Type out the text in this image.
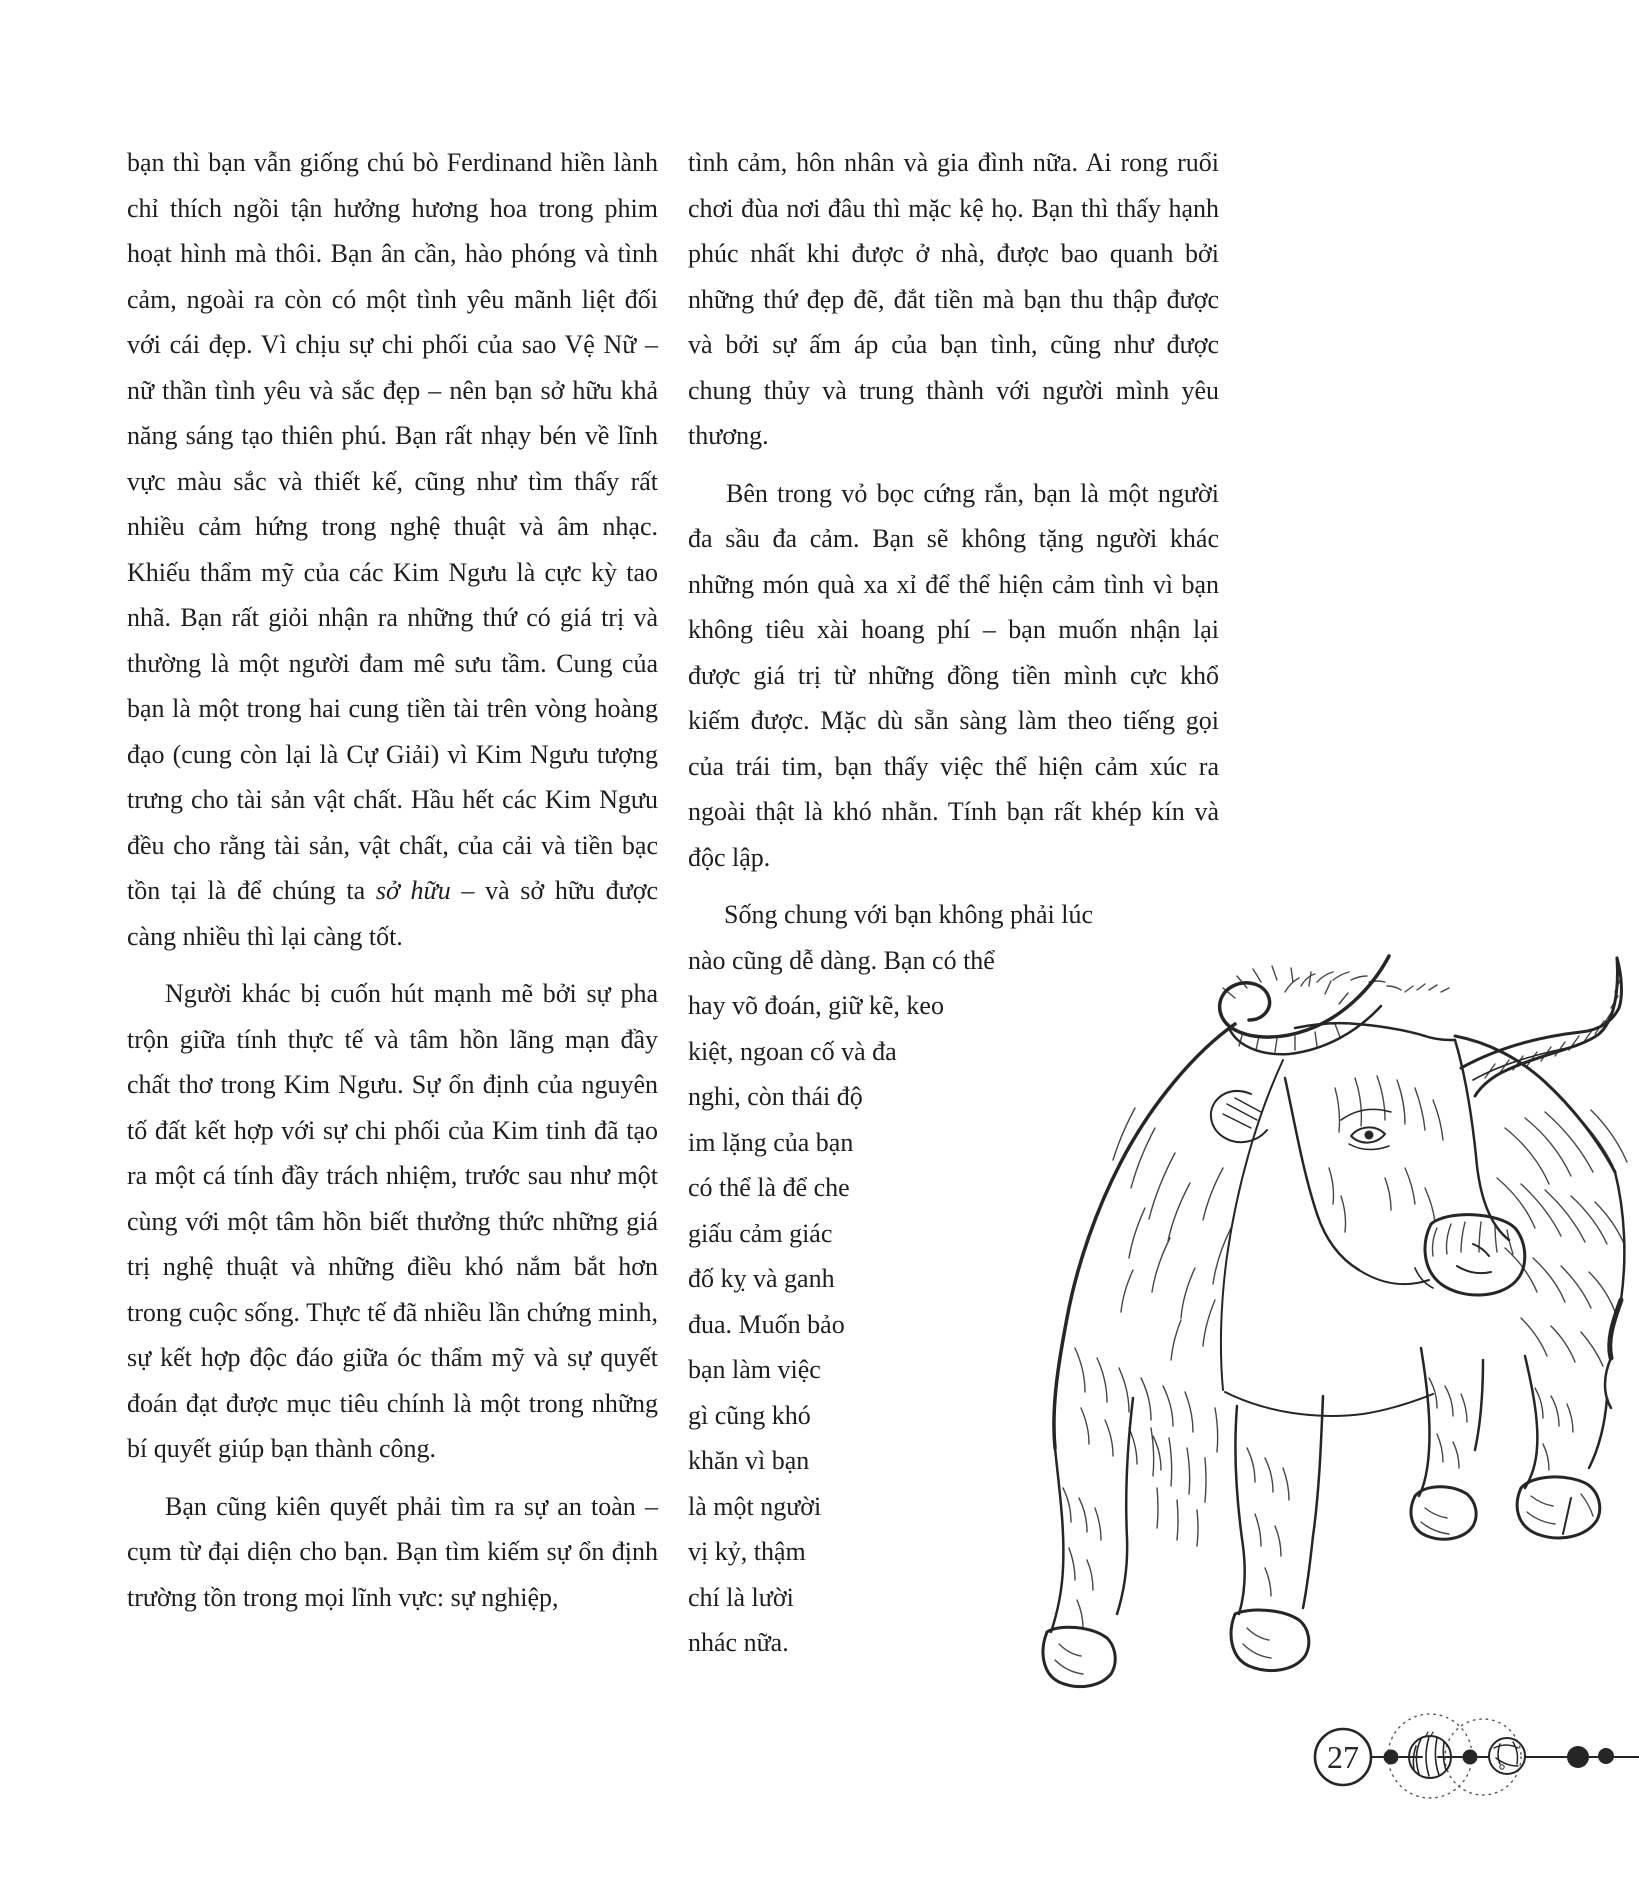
bạn thì bạn vẫn giống chú bò Ferdinand hiền lành chỉ thích ngồi tận hưởng hương hoa trong phim hoạt hình mà thôi. Bạn ân cần, hào phóng và tình cảm, ngoài ra còn có một tình yêu mãnh liệt đối với cái đẹp. Vì chịu sự chi phối của sao Vệ Nữ – nữ thần tình yêu và sắc đẹp – nên bạn sở hữu khả năng sáng tạo thiên phú. Bạn rất nhạy bén về lĩnh vực màu sắc và thiết kế, cũng như tìm thấy rất nhiều cảm hứng trong nghệ thuật và âm nhạc. Khiếu thẩm mỹ của các Kim Ngưu là cực kỳ tao nhã. Bạn rất giỏi nhận ra những thứ có giá trị và thường là một người đam mê sưu tầm. Cung của bạn là một trong hai cung tiền tài trên vòng hoàng đạo (cung còn lại là Cự Giải) vì Kim Ngưu tượng trưng cho tài sản vật chất. Hầu hết các Kim Ngưu đều cho rằng tài sản, vật chất, của cải và tiền bạc tồn tại là để chúng ta sở hữu – và sở hữu được càng nhiều thì lại càng tốt.

Người khác bị cuốn hút mạnh mẽ bởi sự pha trộn giữa tính thực tế và tâm hồn lãng mạn đầy chất thơ trong Kim Ngưu. Sự ổn định của nguyên tố đất kết hợp với sự chi phối của Kim tinh đã tạo ra một cá tính đầy trách nhiệm, trước sau như một cùng với một tâm hồn biết thưởng thức những giá trị nghệ thuật và những điều khó nắm bắt hơn trong cuộc sống. Thực tế đã nhiều lần chứng minh, sự kết hợp độc đáo giữa óc thẩm mỹ và sự quyết đoán đạt được mục tiêu chính là một trong những bí quyết giúp bạn thành công.

Bạn cũng kiên quyết phải tìm ra sự an toàn – cụm từ đại diện cho bạn. Bạn tìm kiếm sự ổn định trường tồn trong mọi lĩnh vực: sự nghiệp,

tình cảm, hôn nhân và gia đình nữa. Ai rong ruổi chơi đùa nơi đâu thì mặc kệ họ. Bạn thì thấy hạnh phúc nhất khi được ở nhà, được bao quanh bởi những thứ đẹp đẽ, đắt tiền mà bạn thu thập được và bởi sự ấm áp của bạn tình, cũng như được chung thủy và trung thành với người mình yêu thương.

Bên trong vỏ bọc cứng rắn, bạn là một người đa sầu đa cảm. Bạn sẽ không tặng người khác những món quà xa xỉ để thể hiện cảm tình vì bạn không tiêu xài hoang phí – bạn muốn nhận lại được giá trị từ những đồng tiền mình cực khổ kiếm được. Mặc dù sẵn sàng làm theo tiếng gọi của trái tim, bạn thấy việc thể hiện cảm xúc ra ngoài thật là khó nhằn. Tính bạn rất khép kín và độc lập.

Sống chung với bạn không phải lúc
nào cũng dễ dàng. Bạn có thể
hay võ đoán, giữ kẽ, keo
kiệt, ngoan cố và đa
nghi, còn thái độ
im lặng của bạn
có thể là để che
giấu cảm giác
đố kỵ và ganh
đua. Muốn bảo
bạn làm việc
gì cũng khó
khăn vì bạn
là một người
vị kỷ, thậm
chí là lười
nhác nữa.
27
